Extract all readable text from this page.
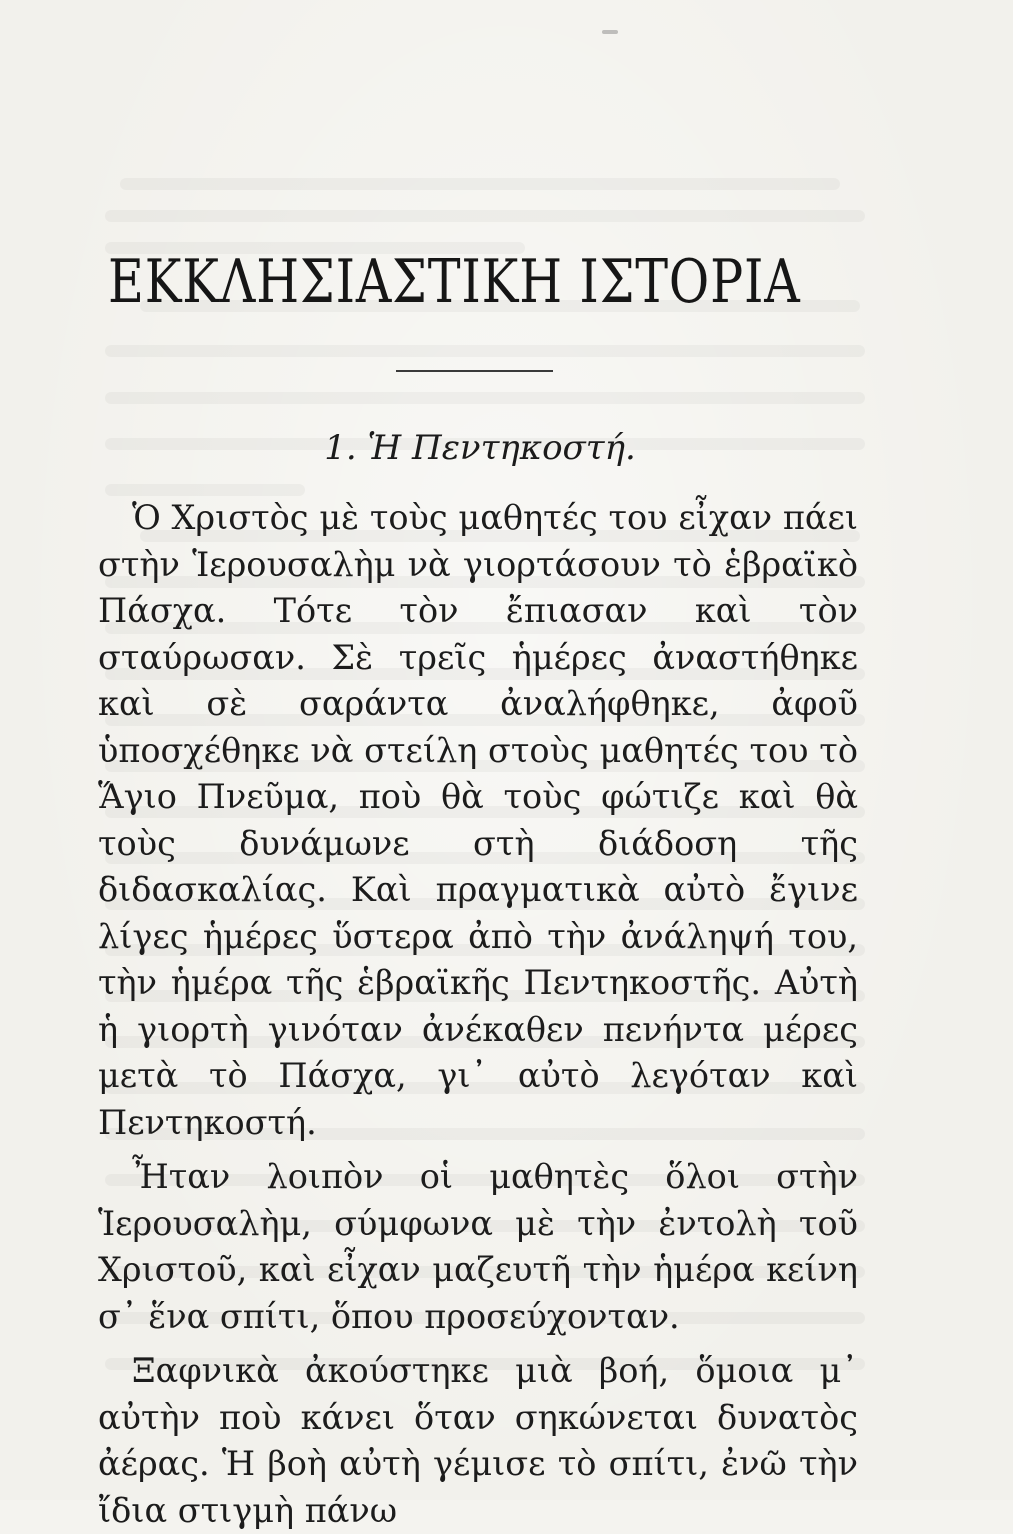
ΕΚΚΛΗΣΙΑΣΤΙΚΗ ΙΣΤΟΡΙΑ
1. Ἡ Πεντηκοστή.

Ὁ Χριστὸς μὲ τοὺς μαθητές του εἶχαν πάει στὴν Ἱερουσαλὴμ νὰ γιορτάσουν τὸ ἑβραϊκὸ Πάσχα. Τότε τὸν ἔπιασαν καὶ τὸν σταύρωσαν. Σὲ τρεῖς ἡμέρες ἀναστήθηκε καὶ σὲ σαράντα ἀναλήφθηκε, ἀφοῦ ὑποσχέθηκε νὰ στείλη στοὺς μαθητές του τὸ Ἅγιο Πνεῦμα, ποὺ θὰ τοὺς φώτιζε καὶ θὰ τοὺς δυνάμωνε στὴ διάδοση τῆς διδασκαλίας. Καὶ πραγματικὰ αὐτὸ ἔγινε λίγες ἡμέρες ὕστερα ἀπὸ τὴν ἀνάληψή του, τὴν ἡμέρα τῆς ἑβραϊκῆς Πεντηκοστῆς. Αὐτὴ ἡ γιορτὴ γινόταν ἀνέκαθεν πενήντα μέρες μετὰ τὸ Πάσχα, γι᾽ αὐτὸ λεγόταν καὶ Πεντηκοστή.

Ἦταν λοιπὸν οἱ μαθητὲς ὅλοι στὴν Ἱερουσαλὴμ, σύμφωνα μὲ τὴν ἐντολὴ τοῦ Χριστοῦ, καὶ εἶχαν μαζευτῆ τὴν ἡμέρα κείνη σ᾽ ἕνα σπίτι, ὅπου προσεύχονταν.

Ξαφνικὰ ἀκούστηκε μιὰ βοή, ὅμοια μ᾽ αὐτὴν ποὺ κάνει ὅταν σηκώνεται δυνατὸς ἀέρας. Ἡ βοὴ αὐτὴ γέμισε τὸ σπίτι, ἐνῶ τὴν ἴδια στιγμὴ πάνω
